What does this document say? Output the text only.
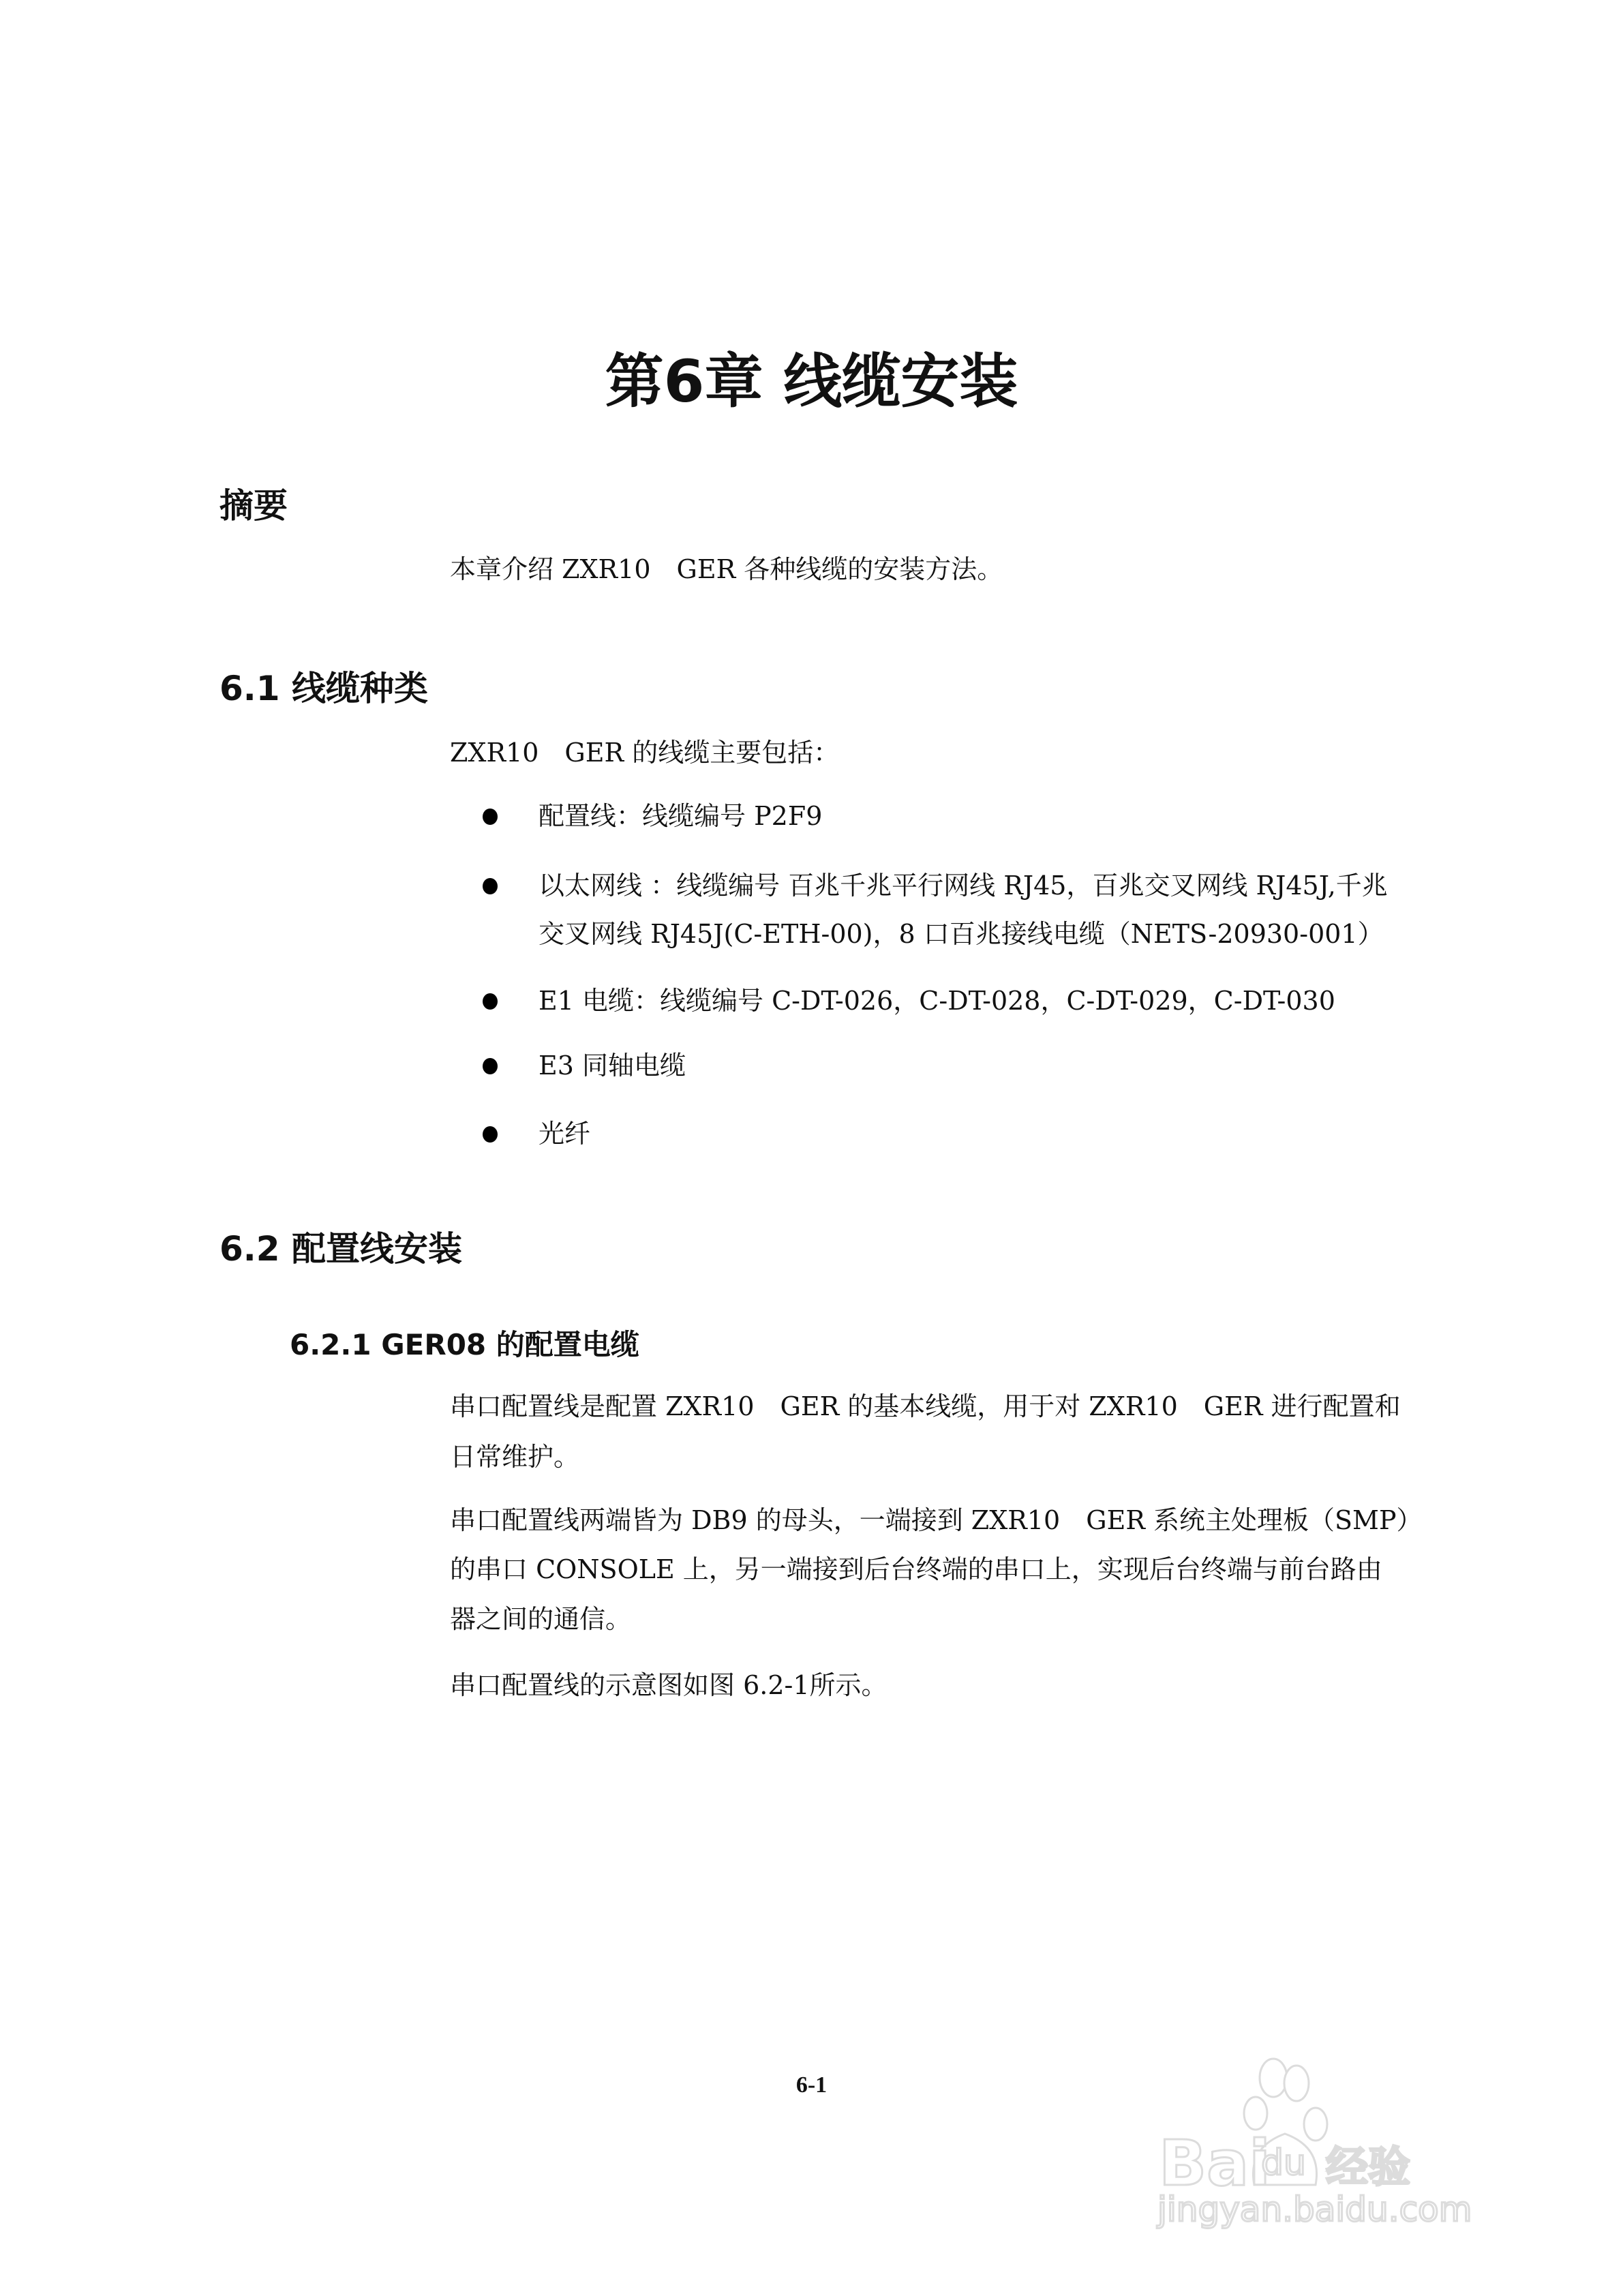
第6章 线缆安装
摘要
本章介绍 ZXR10　GER 各种线缆的安装方法。
6.1 线缆种类
ZXR10　GER 的线缆主要包括：
配置线：线缆编号 P2F9
以太网线 ：线缆编号 百兆千兆平行网线 RJ45，百兆交叉网线 RJ45J,千兆
交叉网线 RJ45J(C-ETH-00)，8 口百兆接线电缆（NETS-20930-001）
E1 电缆：线缆编号 C-DT-026，C-DT-028，C-DT-029，C-DT-030
E3 同轴电缆
光纤
6.2 配置线安装
6.2.1 GER08 的配置电缆
串口配置线是配置 ZXR10　GER 的基本线缆，用于对 ZXR10　GER 进行配置和
日常维护。
串口配置线两端皆为 DB9 的母头，一端接到 ZXR10　GER 系统主处理板（SMP）
的串口 CONSOLE 上，另一端接到后台终端的串口上，实现后台终端与前台路由
器之间的通信。
串口配置线的示意图如图 6.2-1所示。
6-1
Bai
du 经验
jingyan.baidu.com
